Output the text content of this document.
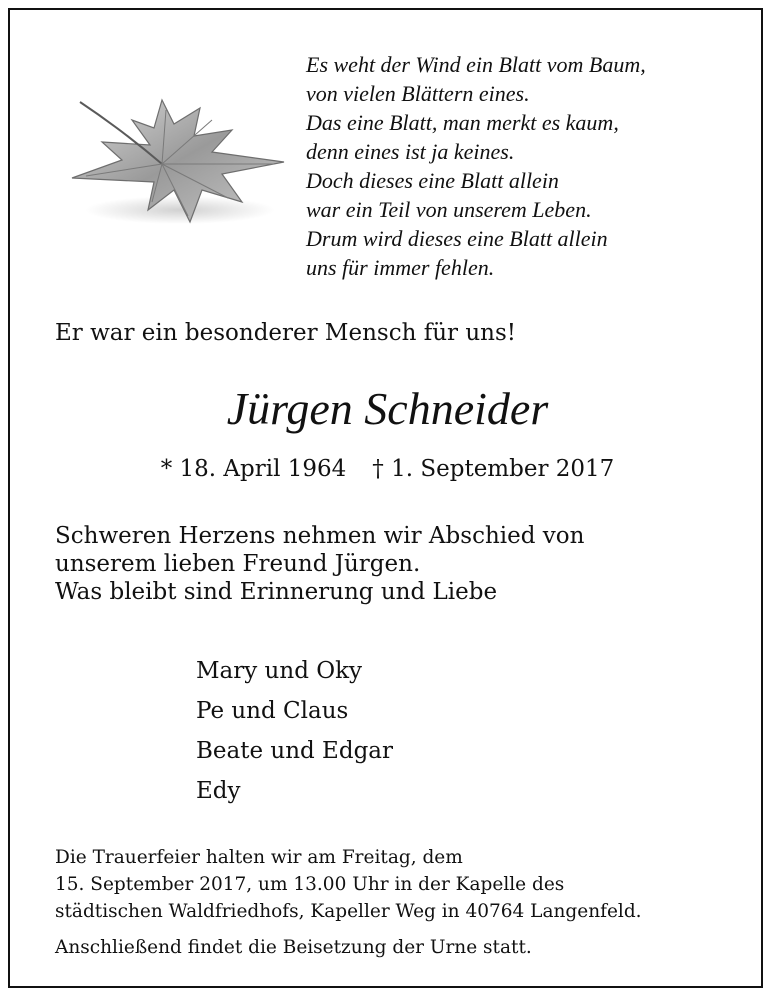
Es weht der Wind ein Blatt vom Baum,
von vielen Blättern eines.
Das eine Blatt, man merkt es kaum,
denn eines ist ja keines.
Doch dieses eine Blatt allein
war ein Teil von unserem Leben.
Drum wird dieses eine Blatt allein
uns für immer fehlen.
Er war ein besonderer Mensch für uns!
Jürgen Schneider
* 18. April 1964 † 1. September 2017
Schweren Herzens nehmen wir Abschied von
unserem lieben Freund Jürgen.
Was bleibt sind Erinnerung und Liebe
Mary und Oky
Pe und Claus
Beate und Edgar
Edy
Die Trauerfeier halten wir am Freitag, dem
15. September 2017, um 13.00 Uhr in der Kapelle des
städtischen Waldfriedhofs, Kapeller Weg in 40764 Langenfeld.
Anschließend findet die Beisetzung der Urne statt.
